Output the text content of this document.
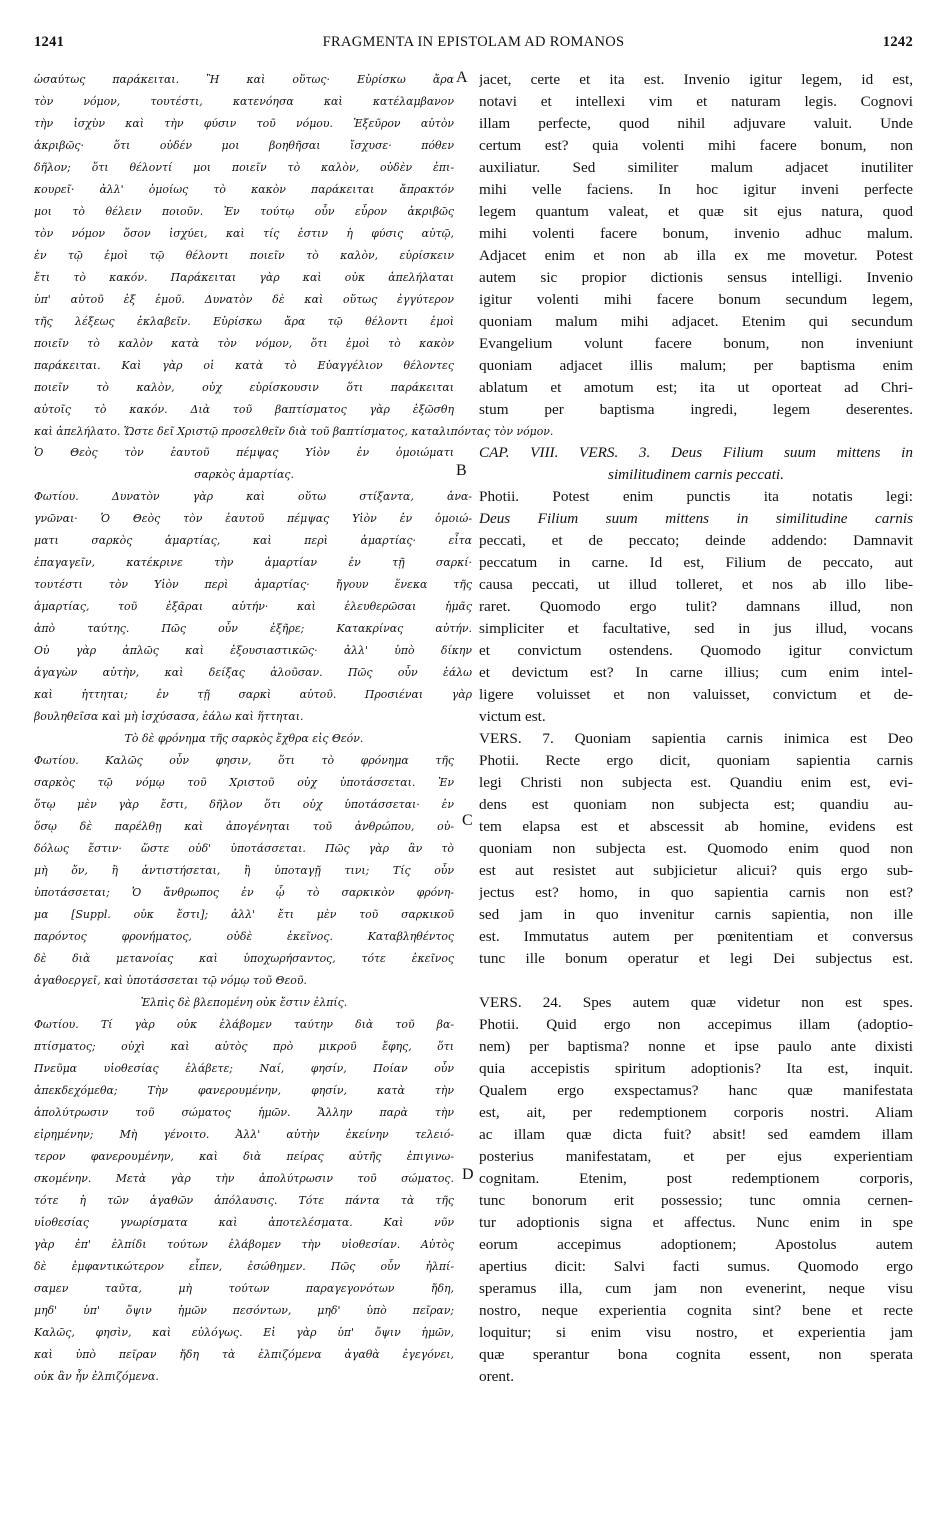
1241	FRAGMENTA IN EPISTOLAM AD ROMANOS	1242
A
B
C
D
ὡσαύτως παράκειται. Ἢ καὶ οὕτως· Εὑρίσκω ἄρα
τὸν νόμον, τουτέστι, κατενόησα καὶ κατέλαμβανον
τὴν ἰσχὺν καὶ τὴν φύσιν τοῦ νόμου. Ἐξεῦρον αὐτὸν
ἀκριβῶς· ὅτι οὐδέν μοι βοηθῆσαι ἴσχυσε· πόθεν
δῆλον; ὅτι θέλοντί μοι ποιεῖν τὸ καλὸν, οὐδὲν ἐπι-
κουρεῖ· ἀλλ' ὁμοίως τὸ κακὸν παράκειται ἄπρακτόν
μοι τὸ θέλειν ποιοῦν. Ἐν τούτῳ οὖν εὗρον ἀκριβῶς
τὸν νόμον ὅσον ἰσχύει, καὶ τίς ἐστιν ἡ φύσις αὐτῷ,
ἐν τῷ ἐμοὶ τῷ θέλοντι ποιεῖν τὸ καλὸν, εὑρίσκειν
ἔτι τὸ κακόν. Παράκειται γὰρ καὶ οὐκ ἀπελήλαται
ὑπ' αὐτοῦ ἐξ ἐμοῦ. Δυνατὸν δὲ καὶ οὕτως ἐγγύτερον
τῆς λέξεως ἐκλαβεῖν. Εὑρίσκω ἄρα τῷ θέλοντι ἐμοὶ
ποιεῖν τὸ καλὸν κατὰ τὸν νόμον, ὅτι ἐμοὶ τὸ κακὸν
παράκειται. Καὶ γὰρ οἱ κατὰ τὸ Εὐαγγέλιον θέλοντες
ποιεῖν τὸ καλὸν, οὐχ εὑρίσκουσιν ὅτι παράκειται
αὐτοῖς τὸ κακόν. Διὰ τοῦ βαπτίσματος γὰρ ἐξῶσθη
καὶ ἀπελήλατο. Ὥστε δεῖ Χριστῷ προσελθεῖν διὰ τοῦ βαπτίσματος, καταλιπόντας τὸν νόμον.
Ὁ Θεὸς τὸν ἑαυτοῦ πέμψας Υἱὸν ἐν ὁμοιώματι
σαρκὸς ἁμαρτίας.
Φωτίου. Δυνατὸν γὰρ καὶ οὕτω στίξαντα, ἀνα-
γνῶναι· Ὁ Θεὸς τὸν ἑαυτοῦ πέμψας Υἱὸν ἐν ὁμοιώ-
ματι σαρκὸς ἁμαρτίας, καὶ περὶ ἁμαρτίας· εἶτα
ἐπαγαγεῖν, κατέκρινε τὴν ἁμαρτίαν ἐν τῇ σαρκί·
τουτέστι τὸν Υἱὸν περὶ ἁμαρτίας· ἤγουν ἕνεκα τῆς
ἁμαρτίας, τοῦ ἐξᾶραι αὐτήν· καὶ ἐλευθερῶσαι ἡμᾶς
ἀπὸ ταύτης. Πῶς οὖν ἐξῆρε; Κατακρίνας αὐτήν.
Οὐ γὰρ ἁπλῶς καὶ ἐξουσιαστικῶς· ἀλλ' ὑπὸ δίκην
ἀγαγὼν αὐτὴν, καὶ δείξας ἁλοῦσαν. Πῶς οὖν ἑάλω
καὶ ἡττηται; ἐν τῇ σαρκὶ αὐτοῦ. Προσιέναι γὰρ
βουληθεῖσα καὶ μὴ ἰσχύσασα, ἑάλω καὶ ἥττηται.
Τὸ δὲ φρόνημα τῆς σαρκὸς ἔχθρα εἰς Θεόν.
Φωτίου. Καλῶς οὖν φησιν, ὅτι τὸ φρόνημα τῆς
σαρκὸς τῷ νόμῳ τοῦ Χριστοῦ οὐχ ὑποτάσσεται. Ἐν
ὅτῳ μὲν γὰρ ἔστι, δῆλον ὅτι οὐχ ὑποτάσσεται· ἐν
ὅσῳ δὲ παρέλθῃ καὶ ἀπογένηται τοῦ ἀνθρώπου, οὐ-
δόλως ἔστιν· ὥστε οὐδ' ὑποτάσσεται. Πῶς γὰρ ἂν τὸ
μὴ ὄν, ἢ ἀντιστήσεται, ἢ ὑποταγῇ τινι; Τίς οὖν
ὑποτάσσεται; Ὁ ἄνθρωπος ἐν ᾧ τὸ σαρκικὸν φρόνη-
μα [Suppl. οὐκ ἔστι]; ἀλλ' ἔτι μὲν τοῦ σαρκικοῦ
παρόντος φρονήματος, οὐδὲ ἐκεῖνος. Καταβληθέντος
δὲ διὰ μετανοίας καὶ ὑποχωρήσαντος, τότε ἐκεῖνος
ἀγαθοεργεῖ, καὶ ὑποτάσσεται τῷ νόμῳ τοῦ Θεοῦ.
Ἐλπὶς δὲ βλεπομένη οὐκ ἔστιν ἐλπίς.
Φωτίου. Τί γὰρ οὐκ ἐλάβομεν ταύτην διὰ τοῦ βα-
πτίσματος; οὐχὶ καὶ αὐτὸς πρὸ μικροῦ ἔφης, ὅτι
Πνεῦμα υἱοθεσίας ἐλάβετε; Ναί, φησίν, Ποίαν οὖν
ἀπεκδεχόμεθα; Τὴν φανερουμένην, φησίν, κατὰ τὴν
ἀπολύτρωσιν τοῦ σώματος ἡμῶν. Ἄλλην παρὰ τὴν
εἰρημένην; Μὴ γένοιτο. Ἀλλ' αὐτὴν ἐκείνην τελειό-
τερον φανερουμένην, καὶ διὰ πείρας αὐτῆς ἐπιγινω-
σκομένην. Μετὰ γὰρ τὴν ἀπολύτρωσιν τοῦ σώματος.
τότε ἡ τῶν ἀγαθῶν ἀπόλαυσις. Τότε πάντα τὰ τῆς
υἱοθεσίας γνωρίσματα καὶ ἀποτελέσματα. Καὶ νῦν
γὰρ ἐπ' ἐλπίδι τούτων ἐλάβομεν τὴν υἱοθεσίαν. Αὐτὸς
δὲ ἐμφαντικώτερον εἶπεν, ἐσώθημεν. Πῶς οὖν ἠλπί-
σαμεν ταῦτα, μὴ τούτων παραγεγονότων ἤδη,
μηδ' ὑπ' ὄψιν ἡμῶν πεσόντων, μηδ' ὑπὸ πεῖραν;
Καλῶς, φησὶν, καὶ εὐλόγως. Εἰ γὰρ ὑπ' ὄψιν ἡμῶν,
καὶ ὑπὸ πεῖραν ἤδη τὰ ἐλπιζόμενα ἀγαθὰ ἐγεγόνει,
οὐκ ἂν ἦν ἐλπιζόμενα.
jacet, certe et ita est. Invenio igitur legem, id est,
notavi et intellexi vim et naturam legis. Cognovi
illam perfecte, quod nihil adjuvare valuit. Unde
certum est? quia volenti mihi facere bonum, non
auxiliatur. Sed similiter malum adjacet inutiliter
mihi velle faciens. In hoc igitur inveni perfecte
legem quantum valeat, et quæ sit ejus natura, quod
mihi volenti facere bonum, invenio adhuc malum.
Adjacet enim et non ab illa ex me movetur. Potest
autem sic propior dictionis sensus intelligi. Invenio
igitur volenti mihi facere bonum secundum legem,
quoniam malum mihi adjacet. Etenim qui secundum
Evangelium volunt facere bonum, non inveniunt
quoniam adjacet illis malum; per baptisma enim
ablatum et amotum est; ita ut oporteat ad Chri-
stum per baptisma ingredi, legem deserentes.
CAP. VIII. VERS. 3. Deus Filium suum mittens in
similitudinem carnis peccati.
Photii. Potest enim punctis ita notatis legi:
Deus Filium suum mittens in similitudine carnis
peccati, et de peccato; deinde addendo: Damnavit
peccatum in carne. Id est, Filium de peccato, aut
causa peccati, ut illud tolleret, et nos ab illo libe-
raret. Quomodo ergo tulit? damnans illud, non
simpliciter et facultative, sed in jus illud, vocans
et convictum ostendens. Quomodo igitur convictum
et devictum est? In carne illius; cum enim intel-
ligere voluisset et non valuisset, convictum et de-
victum est.
VERS. 7. Quoniam sapientia carnis inimica est Deo
Photii. Recte ergo dicit, quoniam sapientia carnis
legi Christi non subjecta est. Quandiu enim est, evi-
dens est quoniam non subjecta est; quandiu au-
tem elapsa est et abscessit ab homine, evidens est
quoniam non subjecta est. Quomodo enim quod non
est aut resistet aut subjicietur alicui? quis ergo sub-
jectus est? homo, in quo sapientia carnis non est?
sed jam in quo invenitur carnis sapientia, non ille
est. Immutatus autem per pœnitentiam et conversus
tunc ille bonum operatur et legi Dei subjectus est.
VERS. 24. Spes autem quæ videtur non est spes.
Photii. Quid ergo non accepimus illam (adoptio-
nem) per baptisma? nonne et ipse paulo ante dixisti
quia accepistis spiritum adoptionis? Ita est, inquit.
Qualem ergo exspectamus? hanc quæ manifestata
est, ait, per redemptionem corporis nostri. Aliam
ac illam quæ dicta fuit? absit! sed eamdem illam
posterius manifestatam, et per ejus experientiam
cognitam. Etenim, post redemptionem corporis,
tunc bonorum erit possessio; tunc omnia cernen-
tur adoptionis signa et affectus. Nunc enim in spe
eorum accepimus adoptionem; Apostolus autem
apertius dicit: Salvi facti sumus. Quomodo ergo
speramus illa, cum jam non evenerint, neque visu
nostro, neque experientia cognita sint? bene et recte
loquitur; si enim visu nostro, et experientia jam
quæ sperantur bona cognita essent, non sperata
orent.
